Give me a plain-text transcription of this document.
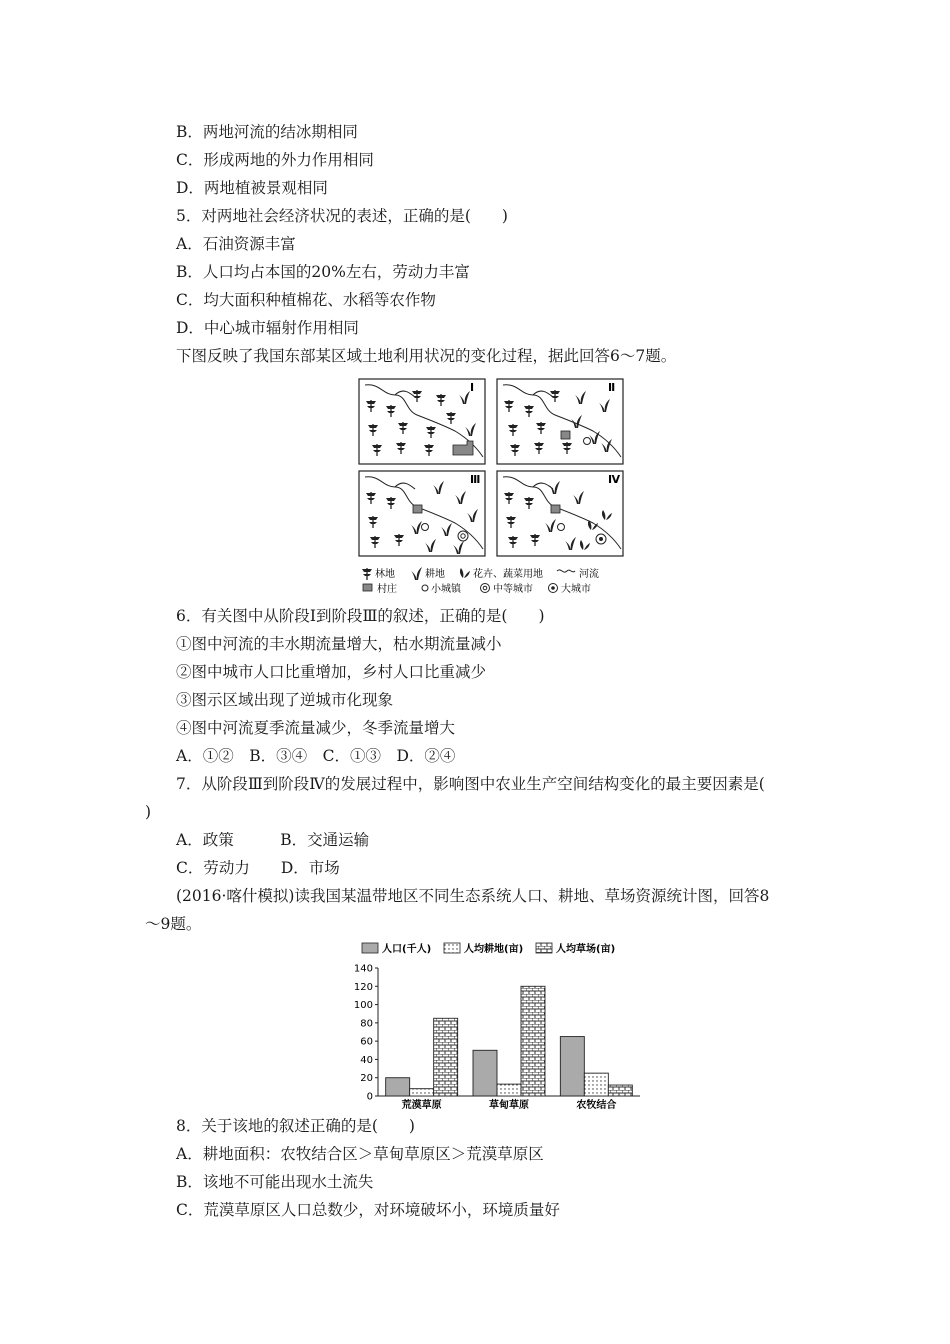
B．两地河流的结冰期相同
C．形成两地的外力作用相同
D．两地植被景观相同
5．对两地社会经济状况的表述，正确的是(　　)
A．石油资源丰富
B．人口均占本国的20%左右，劳动力丰富
C．均大面积种植棉花、水稻等农作物
D．中心城市辐射作用相同
下图反映了我国东部某区域土地利用状况的变化过程，据此回答6～7题。
Ⅰ	Ⅱ
Ⅲ	Ⅳ
林地	耕地	花卉、蔬菜用地	河流
村庄	小城镇	中等城市	大城市
6．有关图中从阶段Ⅰ到阶段Ⅲ的叙述，正确的是(　　)
①图中河流的丰水期流量增大，枯水期流量减小
②图中城市人口比重增加，乡村人口比重减少
③图示区域出现了逆城市化现象
④图中河流夏季流量减少，冬季流量增大
A．①②　B．③④　C．①③　D．②④
7．从阶段Ⅲ到阶段Ⅳ的发展过程中，影响图中农业生产空间结构变化的最主要因素是(
)
A．政策　　　B．交通运输
C．劳动力　　D．市场
(2016·喀什模拟)读我国某温带地区不同生态系统人口、耕地、草场资源统计图，回答8
～9题。
人口(千人)	人均耕地(亩)	人均草场(亩)
0
20
40
60
80
100
120
140
荒漠草原	草甸草原	农牧结合
8．关于该地的叙述正确的是(　　)
A．耕地面积：农牧结合区＞草甸草原区＞荒漠草原区
B．该地不可能出现水土流失
C．荒漠草原区人口总数少，对环境破坏小，环境质量好
